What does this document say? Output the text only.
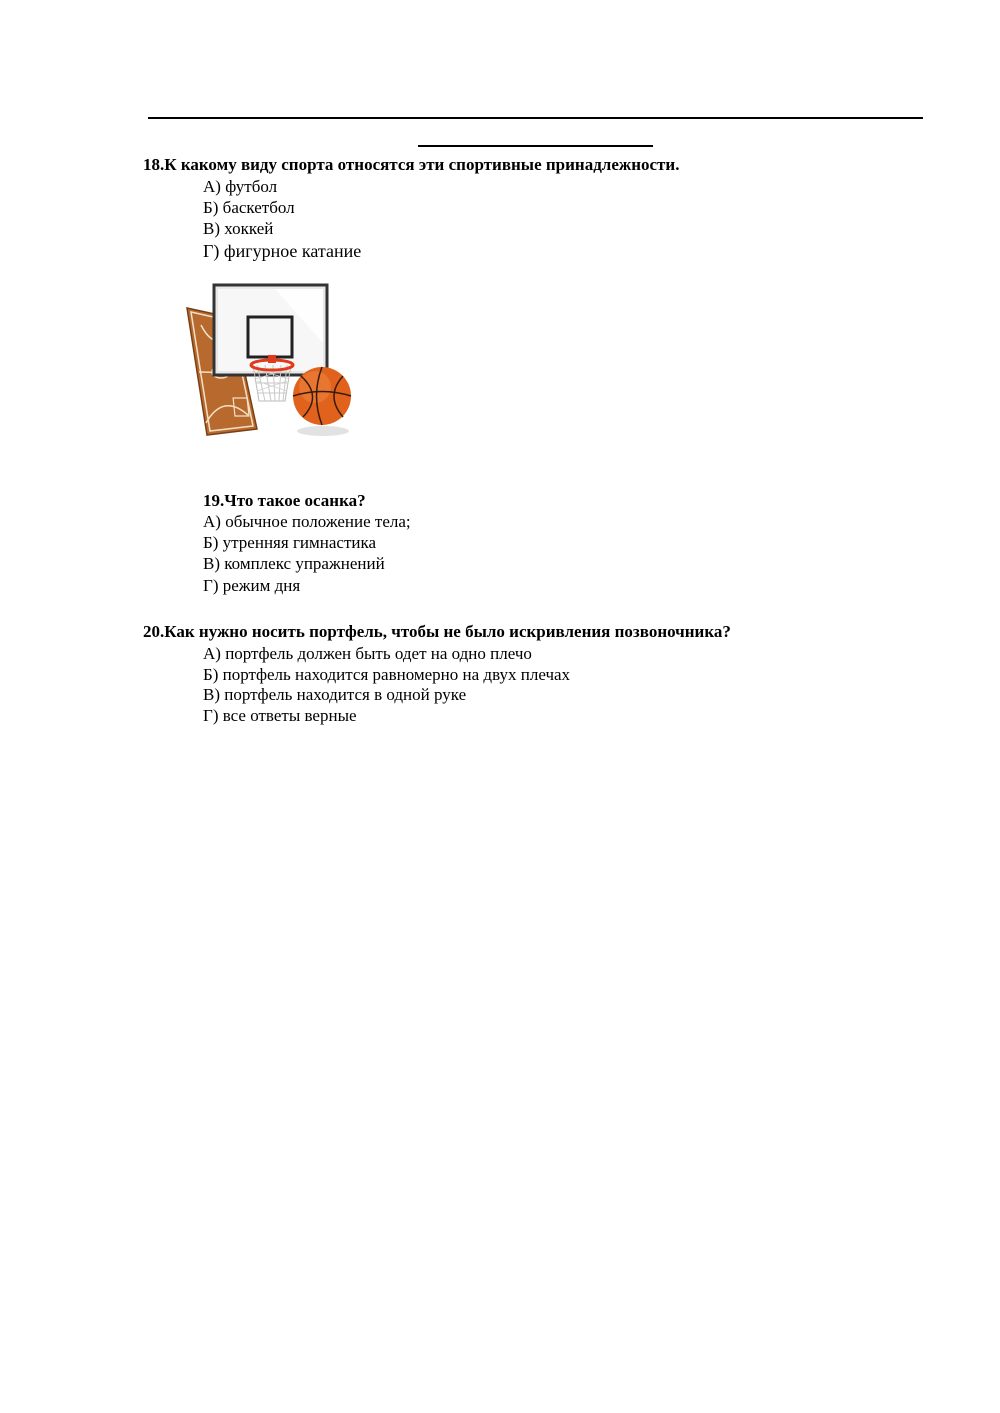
18.К какому виду спорта относятся эти спортивные принадлежности.
А) футбол
Б) баскетбол
В) хоккей
Г) фигурное катание
19.Что такое осанка?
А) обычное положение тела;
Б) утренняя гимнастика
В) комплекс упражнений
Г) режим дня
20.Как нужно носить портфель, чтобы не было искривления позвоночника?
А) портфель должен быть одет на одно плечо
Б) портфель находится равномерно на двух плечах
В) портфель находится в одной руке
Г) все ответы верные
